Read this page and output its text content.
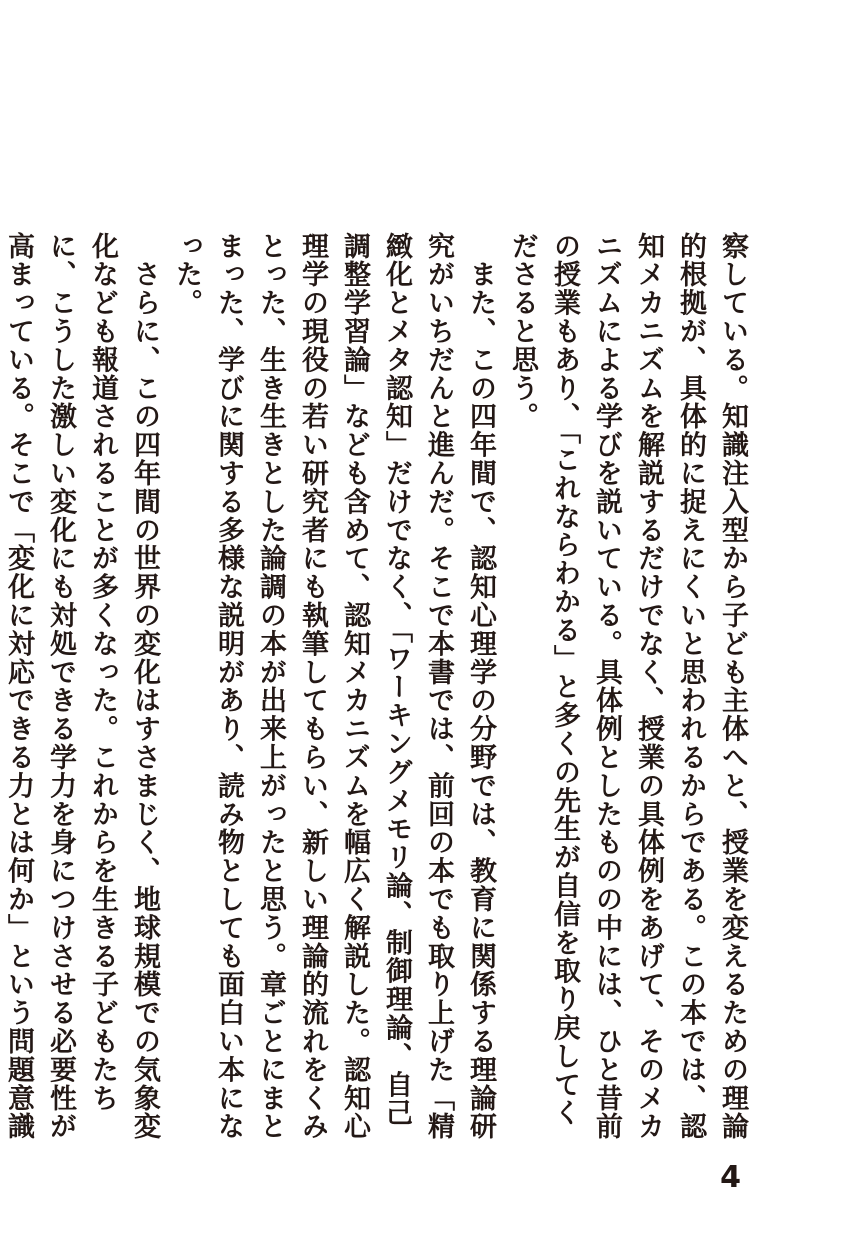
察している。知識注入型から子ども主体へと、授業を変えるための理論的根拠が、具体的に捉えにくいと思われるからである。この本では、認知メカニズムを解説するだけでなく、授業の具体例をあげて、そのメカニズムによる学びを説いている。具体例としたものの中には、ひと昔前の授業もあり、「これならわかる」と多くの先生が自信を取り戻してくださると思う。

　また、この四年間で、認知心理学の分野では、教育に関係する理論研究がいちだんと進んだ。そこで本書では、前回の本でも取り上げた「精緻化とメタ認知」だけでなく、「ワーキングメモリ論、制御理論、自己調整学習論」なども含めて、認知メカニズムを幅広く解説した。認知心理学の現役の若い研究者にも執筆してもらい、新しい理論的流れをくみとった、生き生きとした論調の本が出来上がったと思う。章ごとにまとまった、学びに関する多様な説明があり、読み物としても面白い本になった。

　さらに、この四年間の世界の変化はすさまじく、地球規模での気象変化なども報道されることが多くなった。これからを生きる子どもたちに、こうした激しい変化にも対処できる学力を身につけさせる必要性が高まっている。そこで「変化に対応できる力とは何か」という問題意識

4
